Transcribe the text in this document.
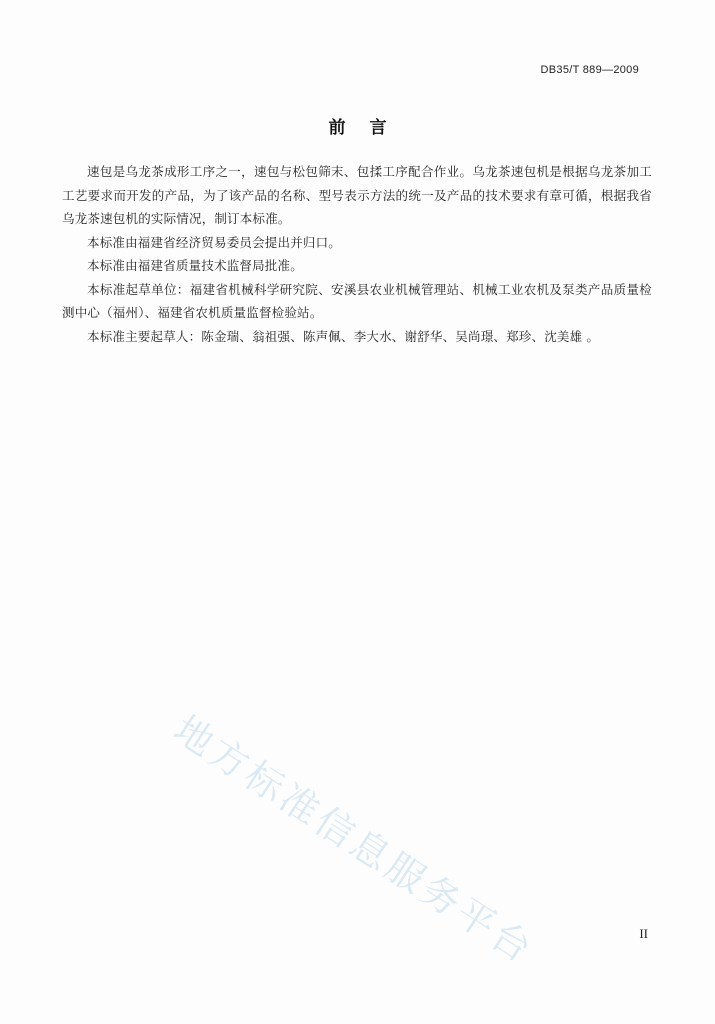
DB35/T 889—2009
前言

速包是乌龙茶成形工序之一，速包与松包筛末、包揉工序配合作业。乌龙茶速包机是根据乌龙茶加工工艺要求而开发的产品，为了该产品的名称、型号表示方法的统一及产品的技术要求有章可循，根据我省乌龙茶速包机的实际情况，制订本标准。

本标准由福建省经济贸易委员会提出并归口。

本标准由福建省质量技术监督局批准。

本标准起草单位：福建省机械科学研究院、安溪县农业机械管理站、机械工业农机及泵类产品质量检测中心（福州）、福建省农机质量监督检验站。

本标准主要起草人：陈金瑞、翁祖强、陈声佩、李大水、谢舒华、吴尚璟、郑珍、沈美雄 。

地方标准信息服务平台	II
